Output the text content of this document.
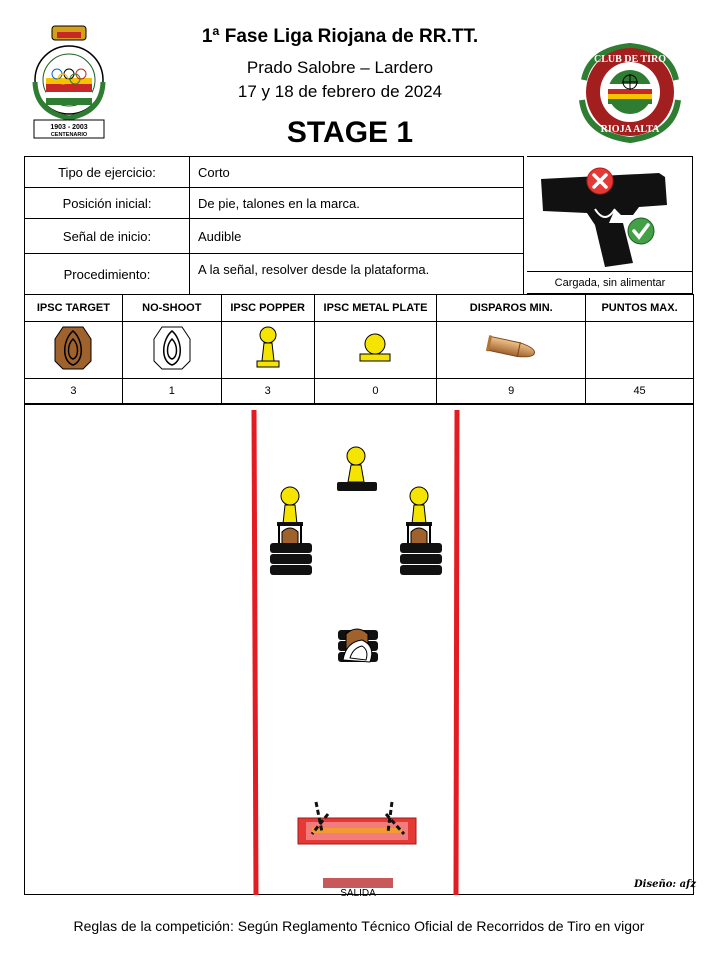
1903 - 2003
CENTENARIO
CLUB DE TIRO
RIOJA ALTA
1ª Fase Liga Riojana de RR.TT.
Prado Salobre – Lardero
17 y 18 de febrero de 2024
STAGE 1
Tipo de ejercicio:	Corto
Posición inicial:	De pie, talones en la marca.
Señal de inicio:	Audible
Procedimiento:	A la señal, resolver desde la plataforma.
Cargada, sin alimentar
IPSC TARGET	NO-SHOOT	IPSC POPPER	IPSC METAL PLATE	DISPAROS MIN.	PUNTOS MAX.

3	1	3	0	9	45
SALIDA
Diseño: afz
Reglas de la competición: Según Reglamento Técnico Oficial de Recorridos de Tiro en vigor
